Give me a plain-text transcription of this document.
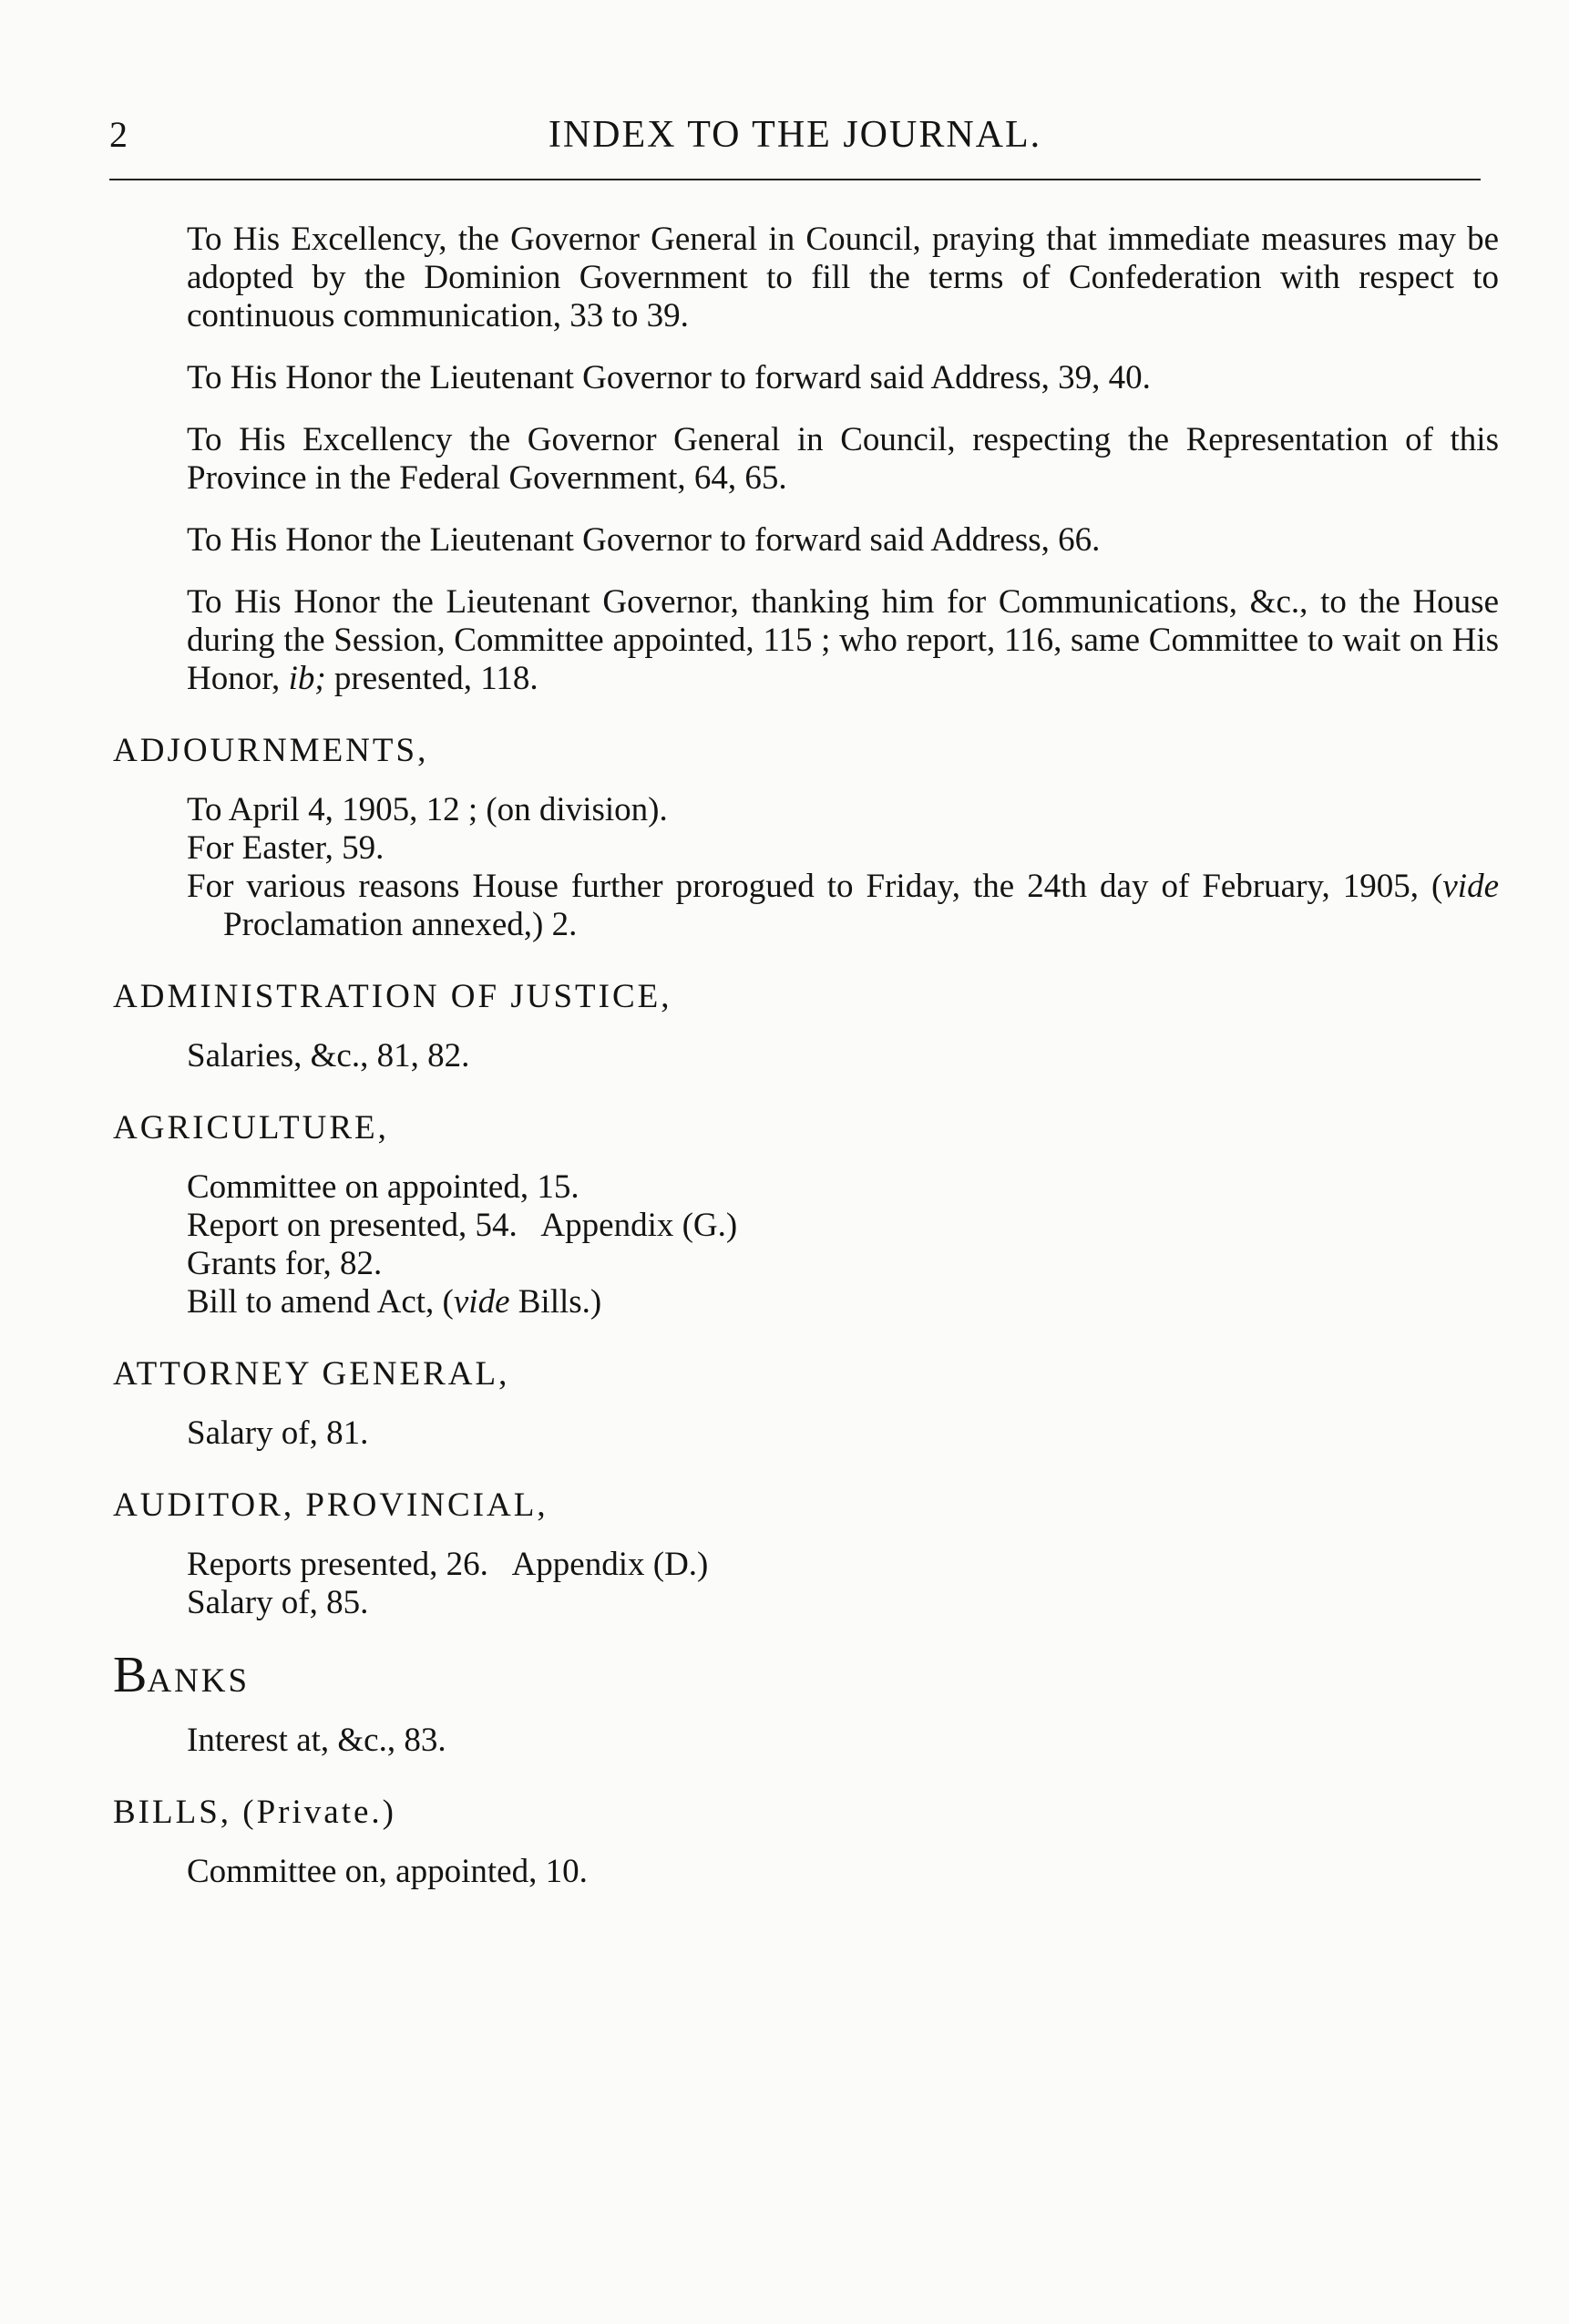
2	INDEX TO THE JOURNAL.
To His Excellency, the Governor General in Council, praying that immediate measures may be adopted by the Dominion Government to fill the terms of Confederation with respect to continuous communication, 33 to 39.
To His Honor the Lieutenant Governor to forward said Address, 39, 40.
To His Excellency the Governor General in Council, respecting the Representation of this Province in the Federal Government, 64, 65.
To His Honor the Lieutenant Governor to forward said Address, 66.
To His Honor the Lieutenant Governor, thanking him for Communications, &c., to the House during the Session, Committee appointed, 115 ; who report, 116, same Committee to wait on His Honor, ib; presented, 118.
ADJOURNMENTS,
To April 4, 1905, 12 ; (on division).
For Easter, 59.
For various reasons House further prorogued to Friday, the 24th day of February, 1905, (vide Proclamation annexed,) 2.
ADMINISTRATION OF JUSTICE,
Salaries, &c., 81, 82.
AGRICULTURE,
Committee on appointed, 15.
Report on presented, 54.   Appendix (G.)
Grants for, 82.
Bill to amend Act, (vide Bills.)
ATTORNEY GENERAL,
Salary of, 81.
AUDITOR, PROVINCIAL,
Reports presented, 26.   Appendix (D.)
Salary of, 85.
BANKS
Interest at, &c., 83.
BILLS, (Private.)
Committee on, appointed, 10.
